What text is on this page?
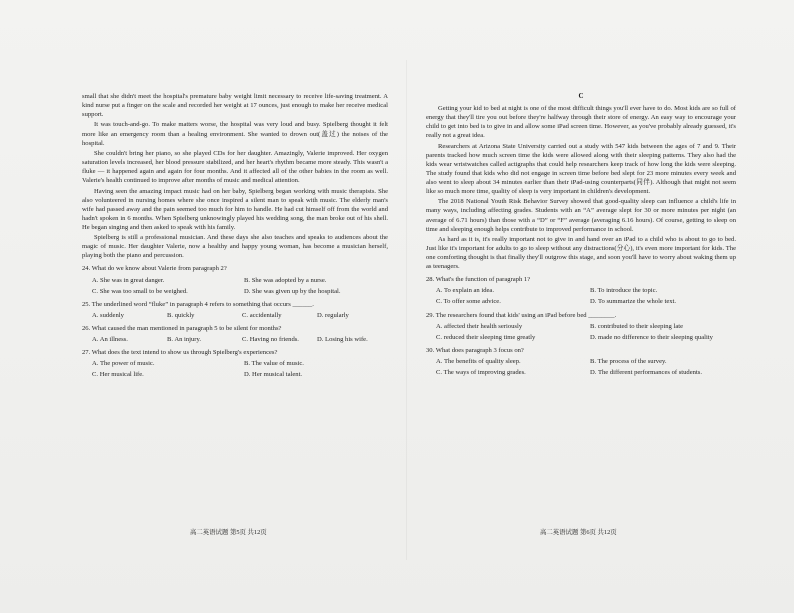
small that she didn't meet the hospital's premature baby weight limit necessary to receive life-saving treatment. A kind nurse put a finger on the scale and recorded her weight at 17 ounces, just enough to make her receive medical support.

It was touch-and-go. To make matters worse, the hospital was very loud and busy. Spielberg thought it felt more like an emergency room than a healing environment. She wanted to drown out(盖过) the noises of the hospital.

She couldn't bring her piano, so she played CDs for her daughter. Amazingly, Valerie improved. Her oxygen saturation levels increased, her blood pressure stabilized, and her heart's rhythm became more steady. This wasn't a fluke — it happened again and again for four months. And it affected all of the other babies in the room as well. Valerie's health continued to improve after months of music and medical attention.

Having seen the amazing impact music had on her baby, Spielberg began working with music therapists. She also volunteered in nursing homes where she once inspired a silent man to speak with music. The elderly man's wife had passed away and the pain seemed too much for him to handle. He had cut himself off from the world and hadn't spoken in 6 months. When Spielberg unknowingly played his wedding song, the man broke out of his shell. He began singing and then asked to speak with his family.

Spielberg is still a professional musician. And these days she also teaches and speaks to audiences about the magic of music. Her daughter Valerie, now a healthy and happy young woman, has become a musician herself, playing both the piano and percussion.

24. What do we know about Valerie from paragraph 2?

A. She was in great danger.	B. She was adopted by a nurse.
C. She was too small to be weighed.	D. She was given up by the hospital.

25. The underlined word “fluke” in paragraph 4 refers to something that occurs ______.

A. suddenly	B. quickly	C. accidentally	D. regularly

26. What caused the man mentioned in paragraph 5 to be silent for months?

A. An illness.	B. An injury.	C. Having no friends.	D. Losing his wife.

27. What does the text intend to show us through Spielberg's experiences?

A. The power of music.	B. The value of music.
C. Her musical life.	D. Her musical talent.
高二英语试题 第5页 共12页
C

Getting your kid to bed at night is one of the most difficult things you'll ever have to do. Most kids are so full of energy that they'll tire you out before they're halfway through their store of energy. An easy way to encourage your child to get into bed is to give in and allow some iPad screen time. However, as you've probably already guessed, it's really not a great idea.

Researchers at Arizona State University carried out a study with 547 kids between the ages of 7 and 9. Their parents tracked how much screen time the kids were allowed along with their sleeping patterns. They also had the kids wear wristwatches called actigraphs that could help researchers keep track of how long the kids were sleeping. The study found that kids who did not engage in screen time before bed slept for 23 more minutes every week and also went to sleep about 34 minutes earlier than their iPad-using counterparts(同伴). Although that might not seem like so much more time, quality of sleep is very important in children's development.

The 2018 National Youth Risk Behavior Survey showed that good-quality sleep can influence a child's life in many ways, including affecting grades. Students with an “A” average slept for 30 or more minutes per night (an average of 6.71 hours) than those with a “D” or “F” average (averaging 6.16 hours). Of course, getting to sleep on time and sleeping enough helps contribute to improved performance in school.

As hard as it is, it's really important not to give in and hand over an iPad to a child who is about to go to bed. Just like it's important for adults to go to sleep without any distractions(分心), it's even more important for kids. The one comforting thought is that finally they'll outgrow this stage, and soon you'll have to worry about waking them up as teenagers.

28. What's the function of paragraph 1?

A. To explain an idea.	B. To introduce the topic.
C. To offer some advice.	D. To summarize the whole text.

29. The researchers found that kids' using an iPad before bed ________.

A. affected their health seriously	B. contributed to their sleeping late
C. reduced their sleeping time greatly	D. made no difference to their sleeping quality

30. What does paragraph 3 focus on?

A. The benefits of quality sleep.	B. The process of the survey.
C. The ways of improving grades.	D. The different performances of students.
高二英语试题 第6页 共12页
